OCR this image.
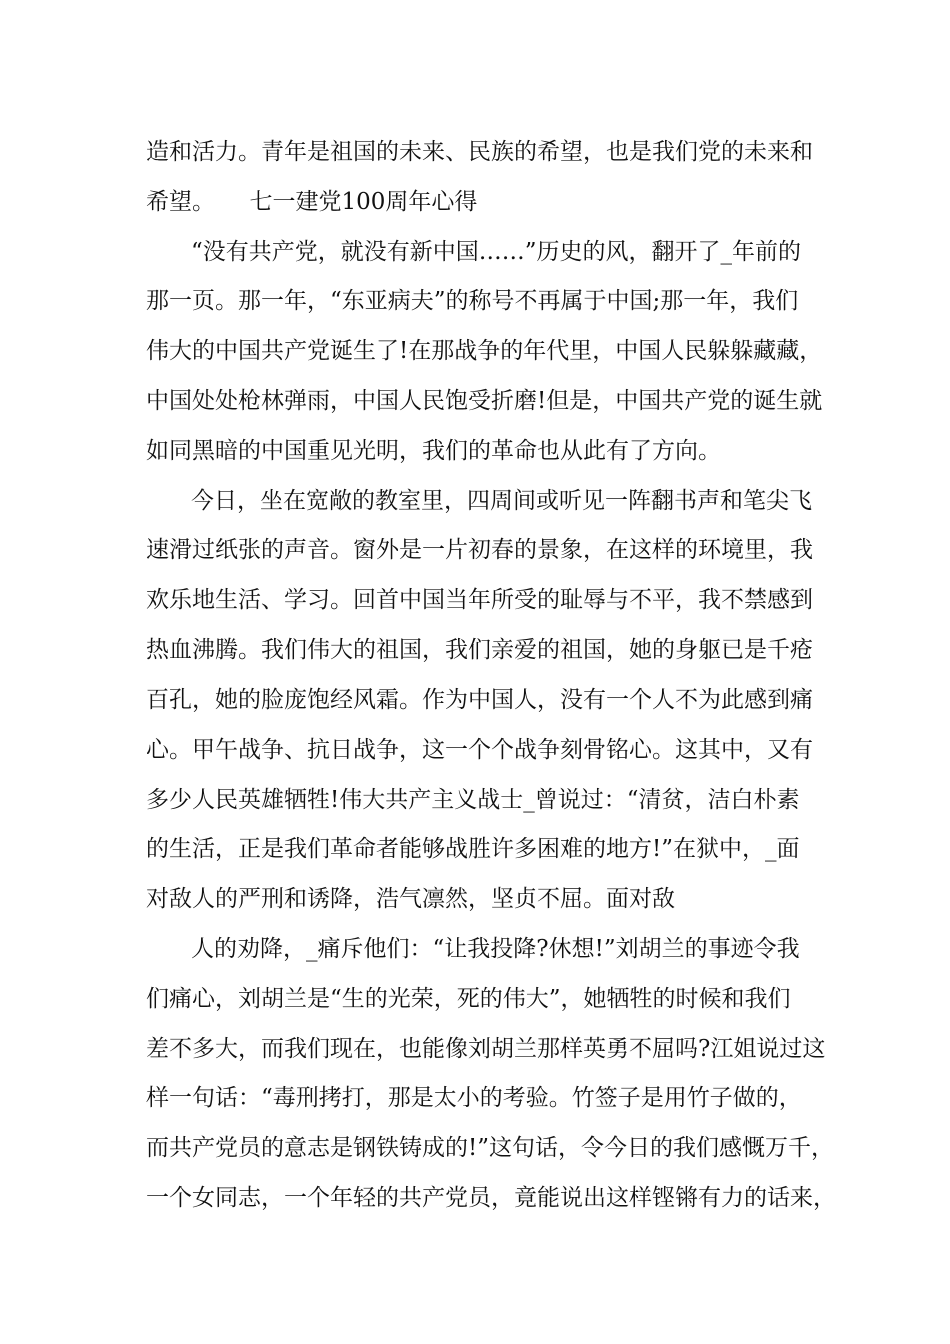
造和活力。青年是祖国的未来、民族的希望，也是我们党的未来和
希望。　　七一建党100周年心得
“没有共产党，就没有新中国……”历史的风，翻开了_年前的
那一页。那一年，“东亚病夫”的称号不再属于中国;那一年，我们
伟大的中国共产党诞生了!在那战争的年代里，中国人民躲躲藏藏，
中国处处枪林弹雨，中国人民饱受折磨!但是，中国共产党的诞生就
如同黑暗的中国重见光明，我们的革命也从此有了方向。
今日，坐在宽敞的教室里，四周间或听见一阵翻书声和笔尖飞
速滑过纸张的声音。窗外是一片初春的景象，在这样的环境里，我
欢乐地生活、学习。回首中国当年所受的耻辱与不平，我不禁感到
热血沸腾。我们伟大的祖国，我们亲爱的祖国，她的身躯已是千疮
百孔，她的脸庞饱经风霜。作为中国人，没有一个人不为此感到痛
心。甲午战争、抗日战争，这一个个战争刻骨铭心。这其中，又有
多少人民英雄牺牲!伟大共产主义战士_曾说过：“清贫，洁白朴素
的生活，正是我们革命者能够战胜许多困难的地方!”在狱中，_面
对敌人的严刑和诱降，浩气凛然，坚贞不屈。面对敌
人的劝降，_痛斥他们：“让我投降?休想!”刘胡兰的事迹令我
们痛心，刘胡兰是“生的光荣，死的伟大”，她牺牲的时候和我们
差不多大，而我们现在，也能像刘胡兰那样英勇不屈吗?江姐说过这
样一句话：“毒刑拷打，那是太小的考验。竹签子是用竹子做的，
而共产党员的意志是钢铁铸成的!”这句话，令今日的我们感慨万千，
一个女同志，一个年轻的共产党员，竟能说出这样铿锵有力的话来，
